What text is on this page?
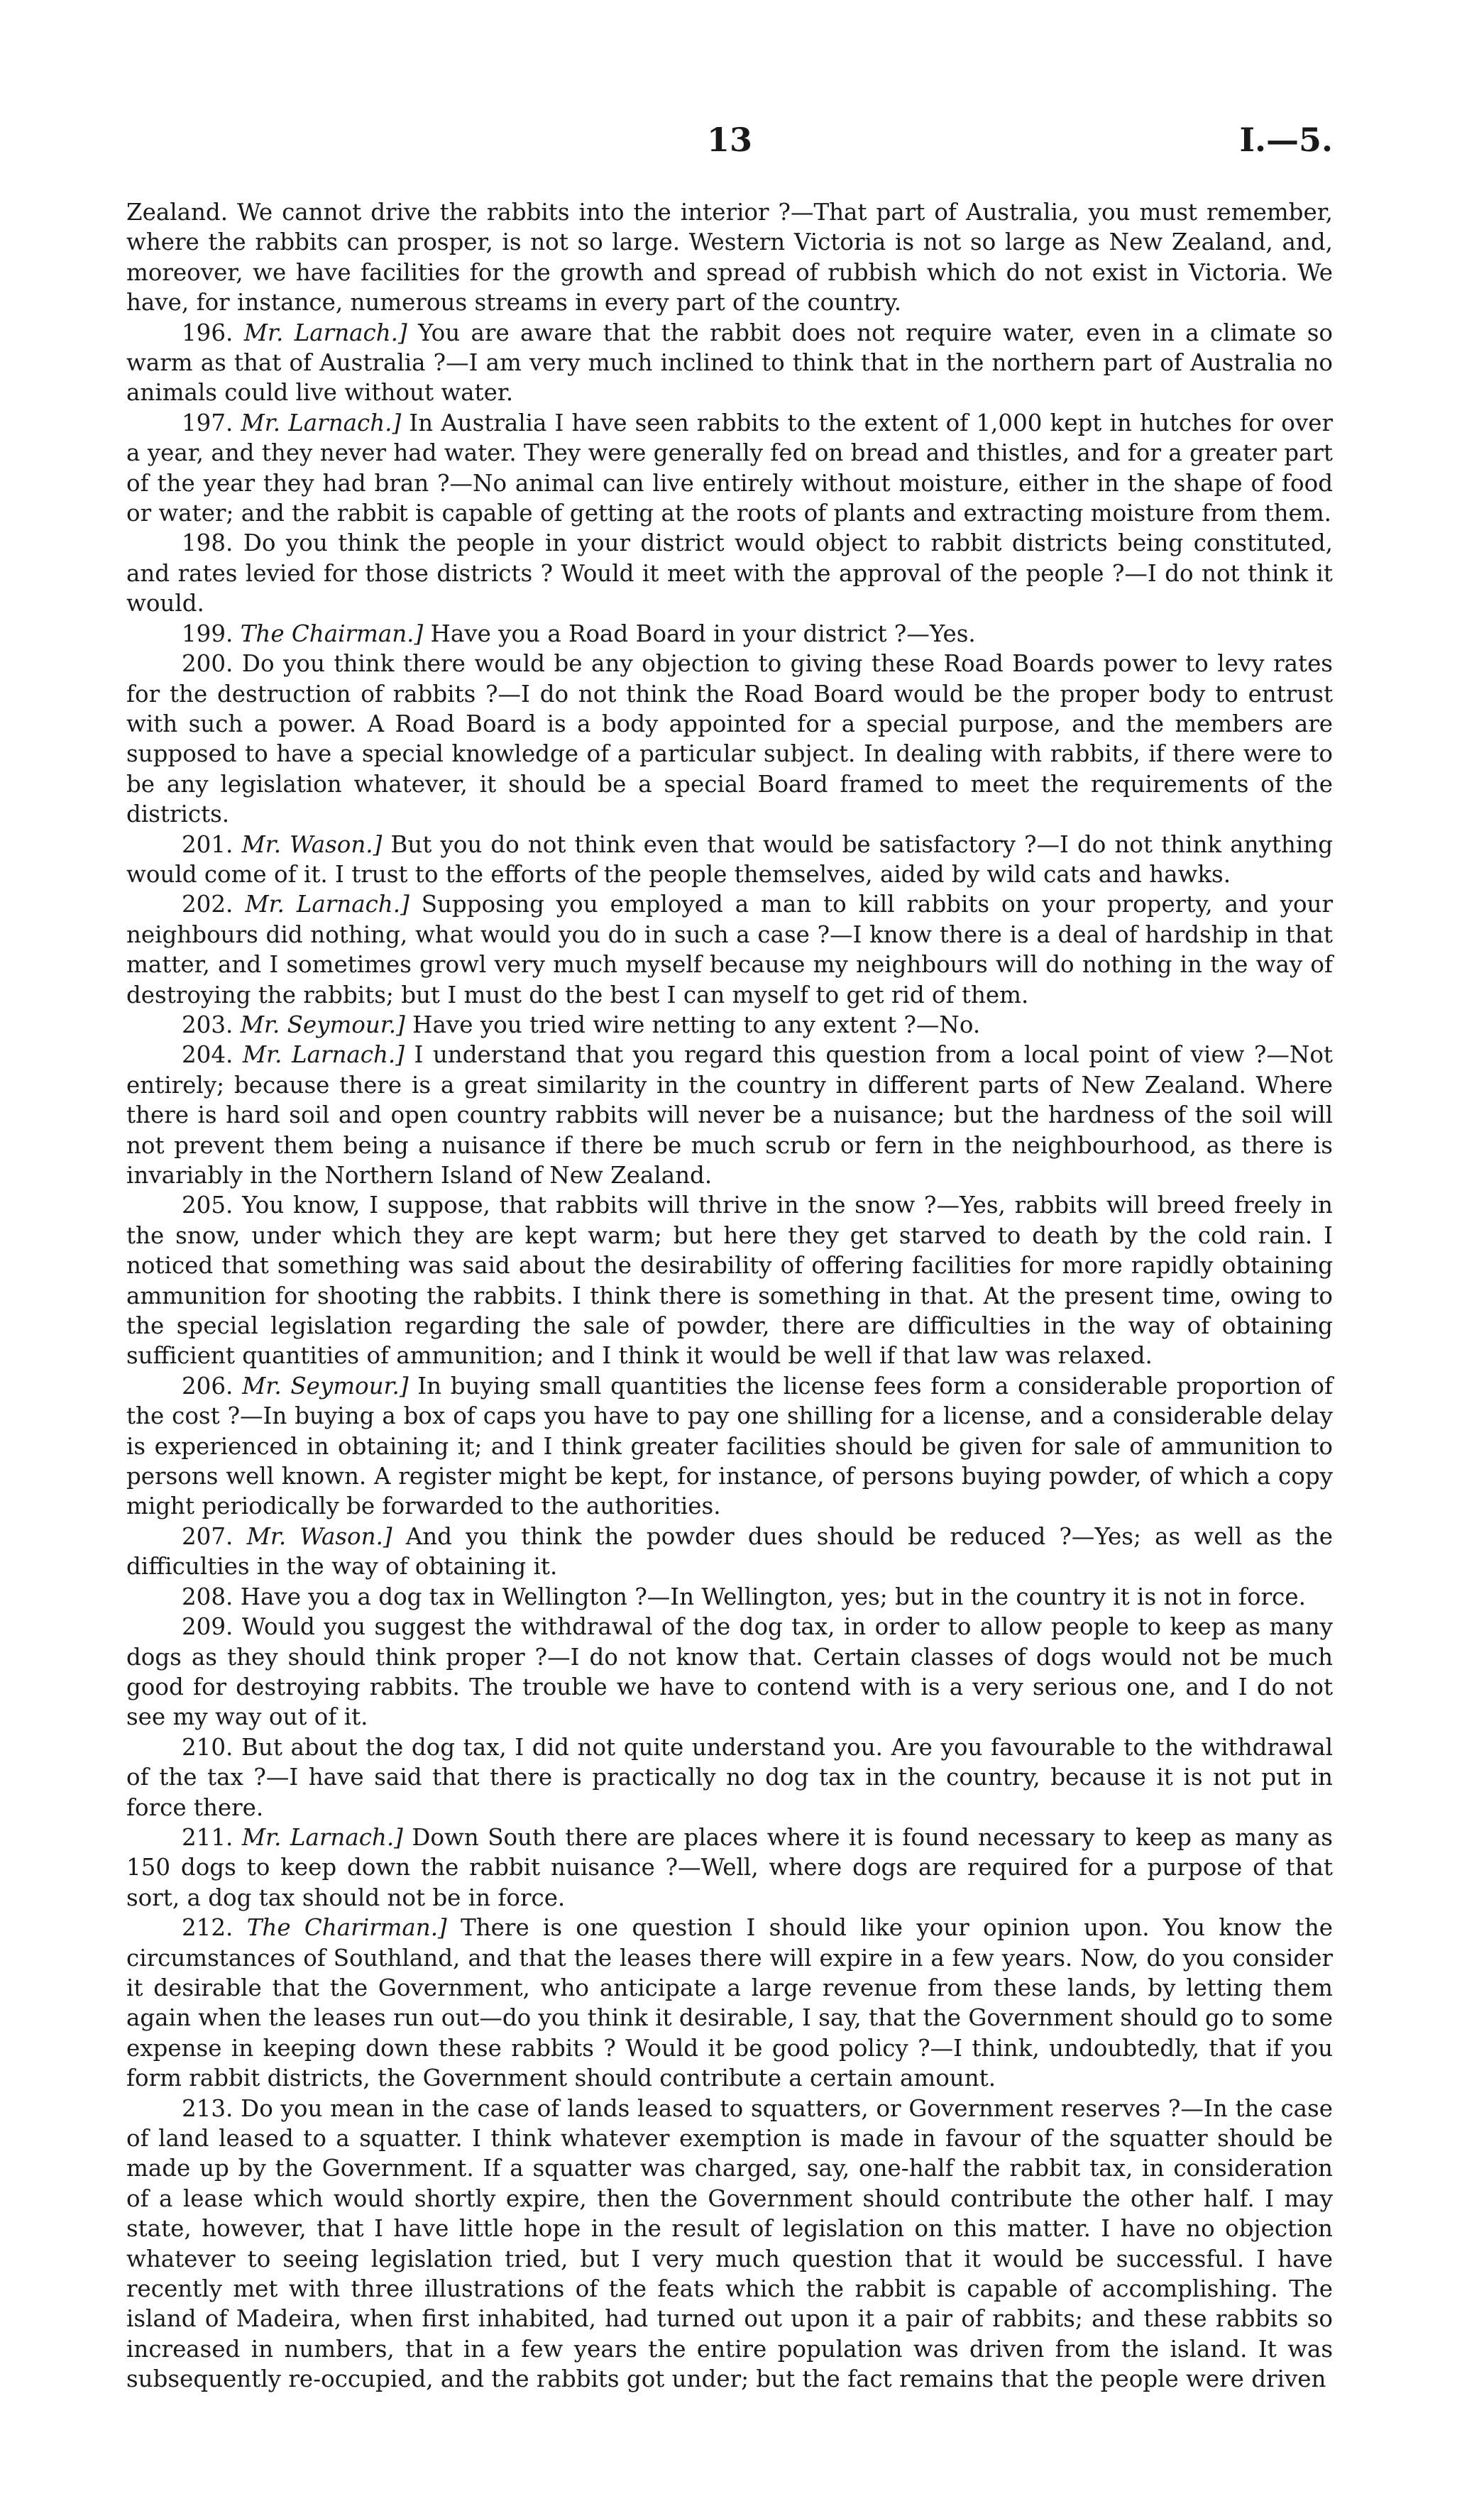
13	I.—5.

Zealand. We cannot drive the rabbits into the interior ?—That part of Australia, you must remember, where the rabbits can prosper, is not so large. Western Victoria is not so large as New Zealand, and, moreover, we have facilities for the growth and spread of rubbish which do not exist in Victoria. We have, for instance, numerous streams in every part of the country.

196. Mr. Larnach.] You are aware that the rabbit does not require water, even in a climate so warm as that of Australia ?—I am very much inclined to think that in the northern part of Australia no animals could live without water.

197. Mr. Larnach.] In Australia I have seen rabbits to the extent of 1,000 kept in hutches for over a year, and they never had water. They were generally fed on bread and thistles, and for a greater part of the year they had bran ?—No animal can live entirely without moisture, either in the shape of food or water; and the rabbit is capable of getting at the roots of plants and extracting moisture from them.

198. Do you think the people in your district would object to rabbit districts being constituted, and rates levied for those districts ? Would it meet with the approval of the people ?—I do not think it would.

199. The Chairman.] Have you a Road Board in your district ?—Yes.

200. Do you think there would be any objection to giving these Road Boards power to levy rates for the destruction of rabbits ?—I do not think the Road Board would be the proper body to entrust with such a power. A Road Board is a body appointed for a special purpose, and the members are supposed to have a special knowledge of a particular subject. In dealing with rabbits, if there were to be any legislation whatever, it should be a special Board framed to meet the requirements of the districts.

201. Mr. Wason.] But you do not think even that would be satisfactory ?—I do not think anything would come of it. I trust to the efforts of the people themselves, aided by wild cats and hawks.

202. Mr. Larnach.] Supposing you employed a man to kill rabbits on your property, and your neighbours did nothing, what would you do in such a case ?—I know there is a deal of hardship in that matter, and I sometimes growl very much myself because my neighbours will do nothing in the way of destroying the rabbits; but I must do the best I can myself to get rid of them.

203. Mr. Seymour.] Have you tried wire netting to any extent ?—No.

204. Mr. Larnach.] I understand that you regard this question from a local point of view ?—Not entirely; because there is a great similarity in the country in different parts of New Zealand. Where there is hard soil and open country rabbits will never be a nuisance; but the hardness of the soil will not prevent them being a nuisance if there be much scrub or fern in the neighbourhood, as there is invariably in the Northern Island of New Zealand.

205. You know, I suppose, that rabbits will thrive in the snow ?—Yes, rabbits will breed freely in the snow, under which they are kept warm; but here they get starved to death by the cold rain. I noticed that something was said about the desirability of offering facilities for more rapidly obtaining ammunition for shooting the rabbits. I think there is something in that. At the present time, owing to the special legislation regarding the sale of powder, there are difficulties in the way of obtaining sufficient quantities of ammunition; and I think it would be well if that law was relaxed.

206. Mr. Seymour.] In buying small quantities the license fees form a considerable proportion of the cost ?—In buying a box of caps you have to pay one shilling for a license, and a considerable delay is experienced in obtaining it; and I think greater facilities should be given for sale of ammunition to persons well known. A register might be kept, for instance, of persons buying powder, of which a copy might periodically be forwarded to the authorities.

207. Mr. Wason.] And you think the powder dues should be reduced ?—Yes; as well as the difficulties in the way of obtaining it.

208. Have you a dog tax in Wellington ?—In Wellington, yes; but in the country it is not in force.

209. Would you suggest the withdrawal of the dog tax, in order to allow people to keep as many dogs as they should think proper ?—I do not know that. Certain classes of dogs would not be much good for destroying rabbits. The trouble we have to contend with is a very serious one, and I do not see my way out of it.

210. But about the dog tax, I did not quite understand you. Are you favourable to the withdrawal of the tax ?—I have said that there is practically no dog tax in the country, because it is not put in force there.

211. Mr. Larnach.] Down South there are places where it is found necessary to keep as many as 150 dogs to keep down the rabbit nuisance ?—Well, where dogs are required for a purpose of that sort, a dog tax should not be in force.

212. The Charirman.] There is one question I should like your opinion upon. You know the circumstances of Southland, and that the leases there will expire in a few years. Now, do you consider it desirable that the Government, who anticipate a large revenue from these lands, by letting them again when the leases run out—do you think it desirable, I say, that the Government should go to some expense in keeping down these rabbits ? Would it be good policy ?—I think, undoubtedly, that if you form rabbit districts, the Government should contribute a certain amount.

213. Do you mean in the case of lands leased to squatters, or Government reserves ?—In the case of land leased to a squatter. I think whatever exemption is made in favour of the squatter should be made up by the Government. If a squatter was charged, say, one-half the rabbit tax, in consideration of a lease which would shortly expire, then the Government should contribute the other half. I may state, however, that I have little hope in the result of legislation on this matter. I have no objection whatever to seeing legislation tried, but I very much question that it would be successful. I have recently met with three illustrations of the feats which the rabbit is capable of accomplishing. The island of Madeira, when first inhabited, had turned out upon it a pair of rabbits; and these rabbits so increased in numbers, that in a few years the entire population was driven from the island. It was subsequently re-occupied, and the rabbits got under; but the fact remains that the people were driven
